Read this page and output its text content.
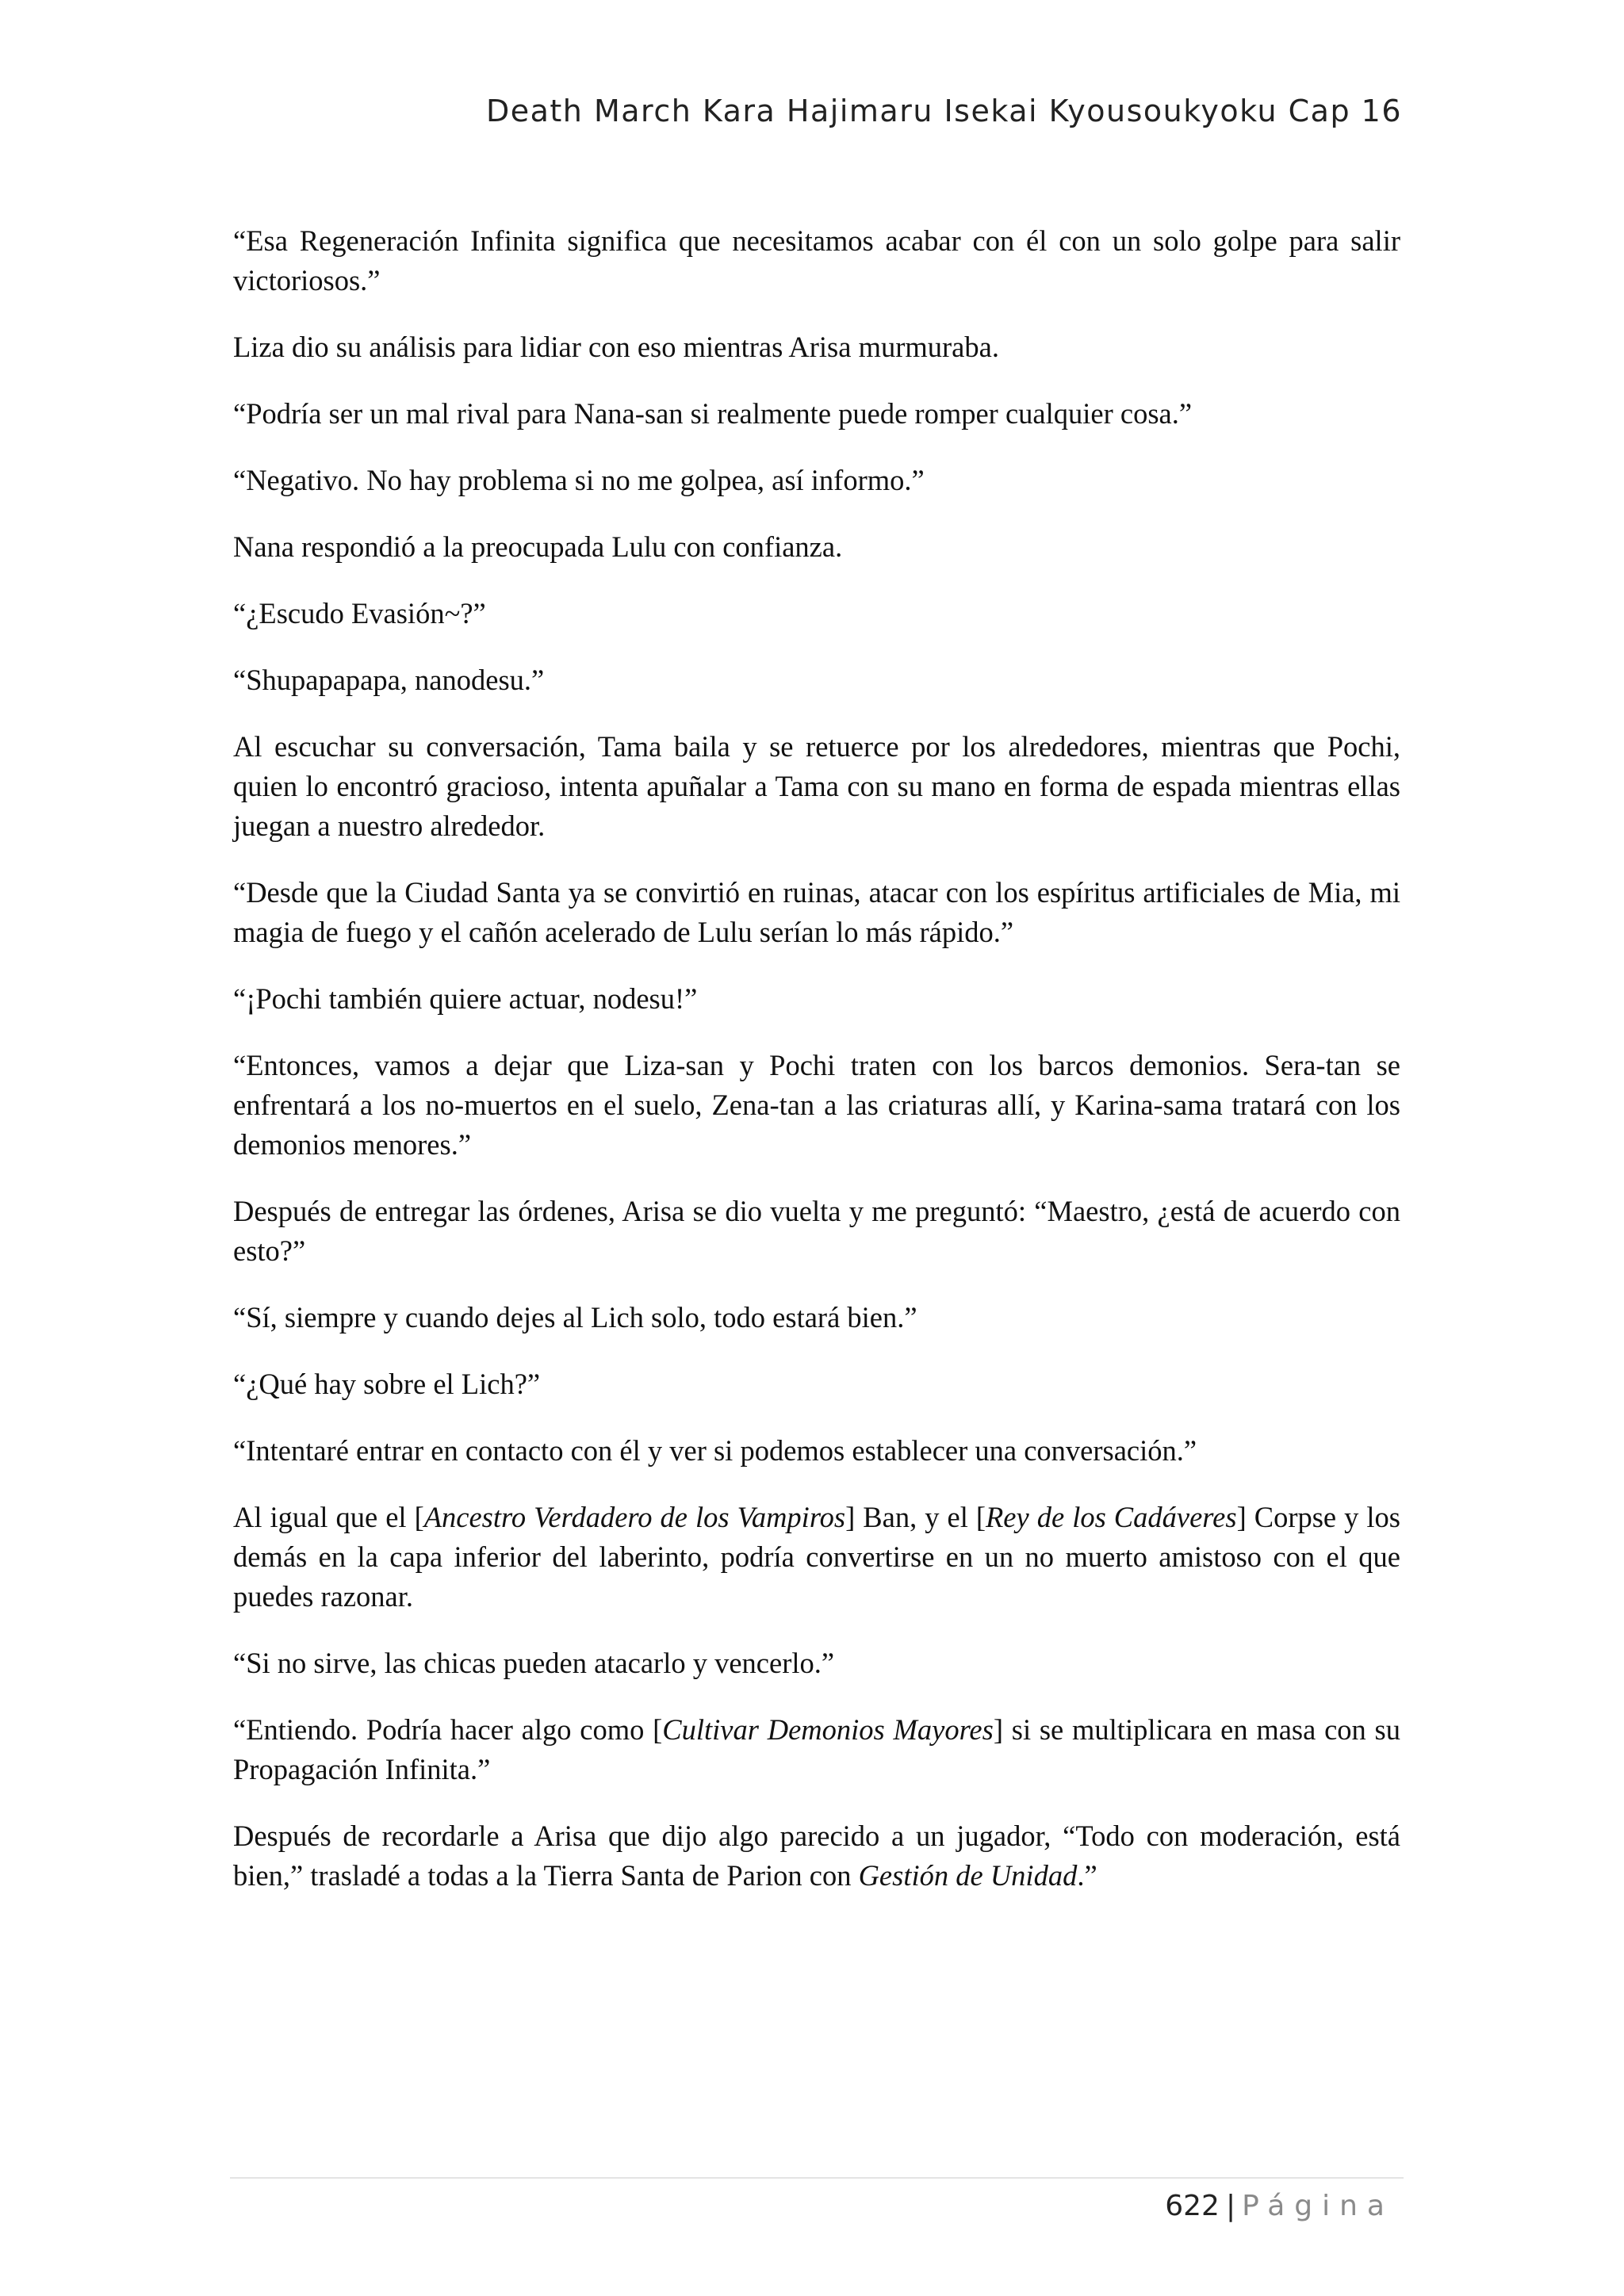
Death March Kara Hajimaru Isekai Kyousoukyoku Cap 16

“Esa Regeneración Infinita significa que necesitamos acabar con él con un solo golpe para salir victoriosos.”

Liza dio su análisis para lidiar con eso mientras Arisa murmuraba.

“Podría ser un mal rival para Nana-san si realmente puede romper cualquier cosa.”

“Negativo. No hay problema si no me golpea, así informo.”

Nana respondió a la preocupada Lulu con confianza.

“¿Escudo Evasión~?”

“Shupapapapa, nanodesu.”

Al escuchar su conversación, Tama baila y se retuerce por los alrededores, mientras que Pochi, quien lo encontró gracioso, intenta apuñalar a Tama con su mano en forma de espada mientras ellas juegan a nuestro alrededor.

“Desde que la Ciudad Santa ya se convirtió en ruinas, atacar con los espíritus artificiales de Mia, mi magia de fuego y el cañón acelerado de Lulu serían lo más rápido.”

“¡Pochi también quiere actuar, nodesu!”

“Entonces, vamos a dejar que Liza-san y Pochi traten con los barcos demonios. Sera-tan se enfrentará a los no-muertos en el suelo, Zena-tan a las criaturas allí, y Karina-sama tratará con los demonios menores.”

Después de entregar las órdenes, Arisa se dio vuelta y me preguntó: “Maestro, ¿está de acuerdo con esto?”

“Sí, siempre y cuando dejes al Lich solo, todo estará bien.”

“¿Qué hay sobre el Lich?”

“Intentaré entrar en contacto con él y ver si podemos establecer una conversación.”

Al igual que el [Ancestro Verdadero de los Vampiros] Ban, y el [Rey de los Cadáveres] Corpse y los demás en la capa inferior del laberinto, podría convertirse en un no muerto amistoso con el que puedes razonar.

“Si no sirve, las chicas pueden atacarlo y vencerlo.”

“Entiendo. Podría hacer algo como [Cultivar Demonios Mayores] si se multiplicara en masa con su Propagación Infinita.”

Después de recordarle a Arisa que dijo algo parecido a un jugador, “Todo con moderación, está bien,” trasladé a todas a la Tierra Santa de Parion con Gestión de Unidad.”

622 | Página
